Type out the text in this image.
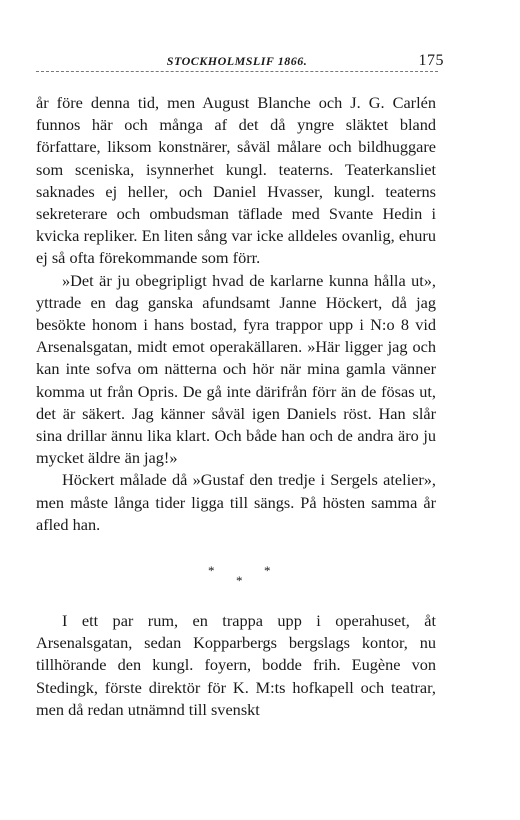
STOCKHOLMSLIF 1866.	175

år före denna tid, men August Blanche och J. G. Carlén funnos här och många af det då yngre släktet bland författare, liksom konstnärer, såväl målare och bildhuggare som sceniska, isynnerhet kungl. teaterns. Teaterkansliet saknades ej heller, och Daniel Hvasser, kungl. teaterns sekreterare och ombudsman täflade med Svante Hedin i kvicka repliker. En liten sång var icke alldeles ovanlig, ehuru ej så ofta förekommande som förr.

»Det är ju obegripligt hvad de karlarne kunna hålla ut», yttrade en dag ganska afundsamt Janne Höckert, då jag besökte honom i hans bostad, fyra trappor upp i N:o 8 vid Arsenalsgatan, midt emot operakällaren. »Här ligger jag och kan inte sofva om nätterna och hör när mina gamla vänner komma ut från Opris. De gå inte därifrån förr än de fösas ut, det är säkert. Jag känner såväl igen Daniels röst. Han slår sina drillar ännu lika klart. Och både han och de andra äro ju mycket äldre än jag!»

Höckert målade då »Gustaf den tredje i Sergels atelier», men måste långa tider ligga till sängs. På hösten samma år afled han.

*	*
*

I ett par rum, en trappa upp i operahuset, åt Arsenalsgatan, sedan Kopparbergs bergslags kontor, nu tillhörande den kungl. foyern, bodde frih. Eugène von Stedingk, förste direktör för K. M:ts hofkapell och teatrar, men då redan utnämnd till svenskt
